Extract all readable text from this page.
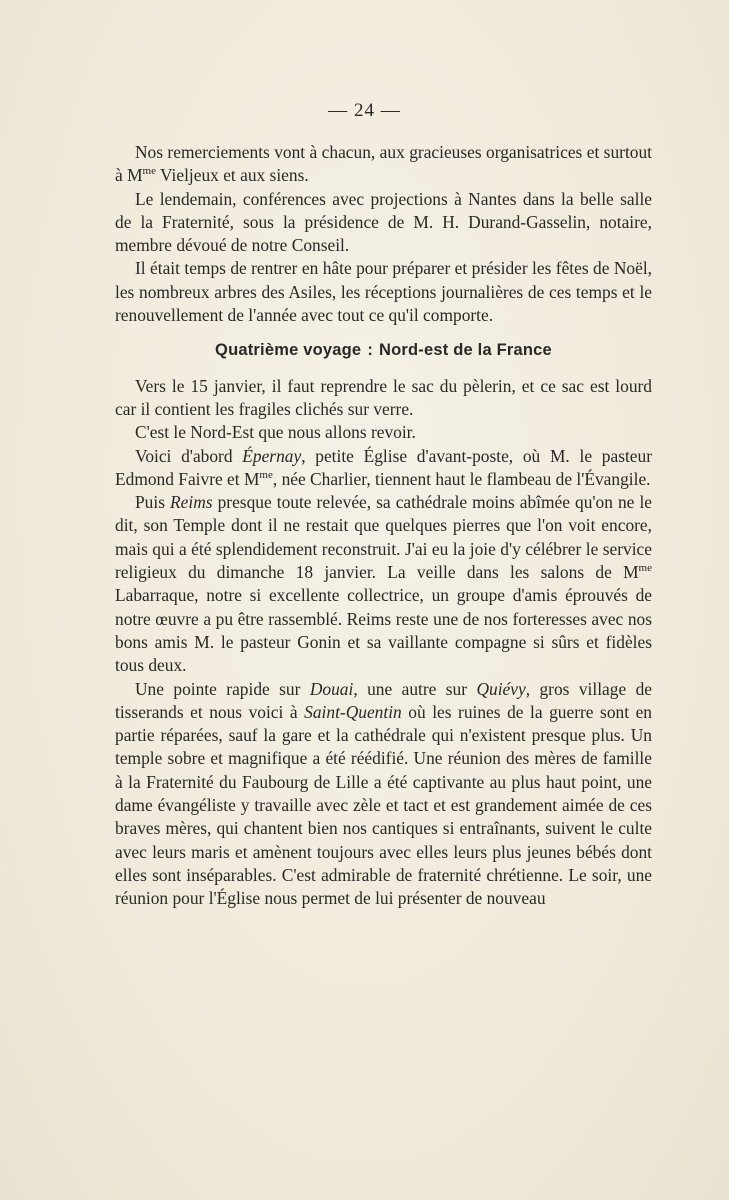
— 24 —

Nos remerciements vont à chacun, aux gracieuses organisatrices et surtout à $M^{me}$ Vieljeux et aux siens.

Le lendemain, conférences avec projections à Nantes dans la belle salle de la Fraternité, sous la présidence de M. H. Durand-Gasselin, notaire, membre dévoué de notre Conseil.

Il était temps de rentrer en hâte pour préparer et présider les fêtes de Noël, les nombreux arbres des Asiles, les réceptions journalières de ces temps et le renouvellement de l'année avec tout ce qu'il comporte.

Quatrième voyage : Nord-est de la France

Vers le 15 janvier, il faut reprendre le sac du pèlerin, et ce sac est lourd car il contient les fragiles clichés sur verre.

C'est le Nord-Est que nous allons revoir.

Voici d'abord Épernay, petite Église d'avant-poste, où M. le pasteur Edmond Faivre et $M^{me}$, née Charlier, tiennent haut le flambeau de l'Évangile.

Puis Reims presque toute relevée, sa cathédrale moins abîmée qu'on ne le dit, son Temple dont il ne restait que quelques pierres que l'on voit encore, mais qui a été splendidement reconstruit. J'ai eu la joie d'y célébrer le service religieux du dimanche 18 janvier. La veille dans les salons de $M^{me}$ Labarraque, notre si excellente collectrice, un groupe d'amis éprouvés de notre œuvre a pu être rassemblé. Reims reste une de nos forteresses avec nos bons amis M. le pasteur Gonin et sa vaillante compagne si sûrs et fidèles tous deux.

Une pointe rapide sur Douai, une autre sur Quiévy, gros village de tisserands et nous voici à Saint-Quentin où les ruines de la guerre sont en partie réparées, sauf la gare et la cathédrale qui n'existent presque plus. Un temple sobre et magnifique a été réédifié. Une réunion des mères de famille à la Fraternité du Faubourg de Lille a été captivante au plus haut point, une dame évangéliste y travaille avec zèle et tact et est grandement aimée de ces braves mères, qui chantent bien nos cantiques si entraînants, suivent le culte avec leurs maris et amènent toujours avec elles leurs plus jeunes bébés dont elles sont inséparables. C'est admirable de fraternité chrétienne. Le soir, une réunion pour l'Église nous permet de lui présenter de nouveau
